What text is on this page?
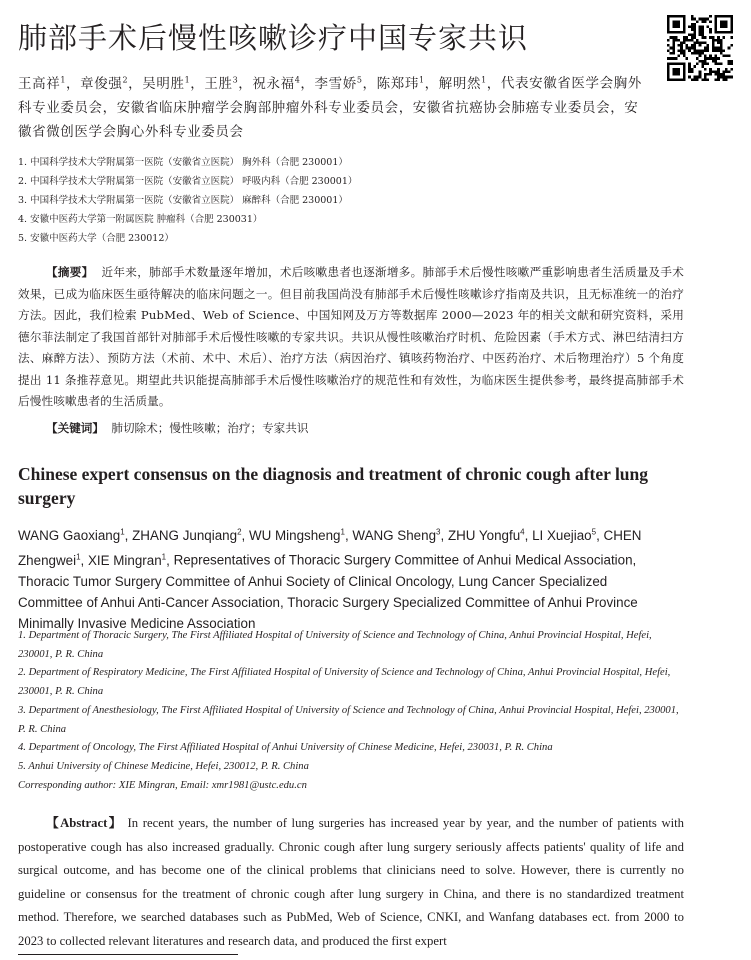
肺部手术后慢性咳嗽诊疗中国专家共识
王高祥$^1$，章俊强$^2$，吴明胜$^1$，王胜$^3$，祝永福$^4$，李雪娇$^5$，陈郑玮$^1$，解明然$^1$，代表安徽省医学会胸外科专业委员会，安徽省临床肿瘤学会胸部肿瘤外科专业委员会，安徽省抗癌协会肺癌专业委员会，安徽省微创医学会胸心外科专业委员会
1. 中国科学技术大学附属第一医院（安徽省立医院） 胸外科（合肥 230001）
2. 中国科学技术大学附属第一医院（安徽省立医院） 呼吸内科（合肥 230001）
3. 中国科学技术大学附属第一医院（安徽省立医院） 麻醉科（合肥 230001）
4. 安徽中医药大学第一附属医院 肿瘤科（合肥 230031）
5. 安徽中医药大学（合肥 230012）
【摘要】 近年来，肺部手术数量逐年增加，术后咳嗽患者也逐渐增多。肺部手术后慢性咳嗽严重影响患者生活质量及手术效果，已成为临床医生亟待解决的临床问题之一。但目前我国尚没有肺部手术后慢性咳嗽诊疗指南及共识，且无标准统一的治疗方法。因此，我们检索 PubMed、Web of Science、中国知网及万方等数据库 2000—2023 年的相关文献和研究资料，采用德尔菲法制定了我国首部针对肺部手术后慢性咳嗽的专家共识。共识从慢性咳嗽治疗时机、危险因素（手术方式、淋巴结清扫方法、麻醉方法）、预防方法（术前、术中、术后）、治疗方法（病因治疗、镇咳药物治疗、中医药治疗、术后物理治疗）5 个角度提出 11 条推荐意见。期望此共识能提高肺部手术后慢性咳嗽治疗的规范性和有效性，为临床医生提供参考，最终提高肺部手术后慢性咳嗽患者的生活质量。
【关键词】 肺切除术；慢性咳嗽；治疗；专家共识
Chinese expert consensus on the diagnosis and treatment of chronic cough after lung surgery
WANG Gaoxiang$^1$, ZHANG Junqiang$^2$, WU Mingsheng$^1$, WANG Sheng$^3$, ZHU Yongfu$^4$, LI Xuejiao$^5$, CHEN Zhengwei$^1$, XIE Mingran$^1$, Representatives of Thoracic Surgery Committee of Anhui Medical Association, Thoracic Tumor Surgery Committee of Anhui Society of Clinical Oncology, Lung Cancer Specialized Committee of Anhui Anti-Cancer Association, Thoracic Surgery Specialized Committee of Anhui Province Minimally Invasive Medicine Association
1. Department of Thoracic Surgery, The First Affiliated Hospital of University of Science and Technology of China, Anhui Provincial Hospital, Hefei, 230001, P. R. China
2. Department of Respiratory Medicine, The First Affiliated Hospital of University of Science and Technology of China, Anhui Provincial Hospital, Hefei, 230001, P. R. China
3. Department of Anesthesiology, The First Affiliated Hospital of University of Science and Technology of China, Anhui Provincial Hospital, Hefei, 230001, P. R. China
4. Department of Oncology, The First Affiliated Hospital of Anhui University of Chinese Medicine, Hefei, 230031, P. R. China
5. Anhui University of Chinese Medicine, Hefei, 230012, P. R. China
Corresponding author: XIE Mingran, Email: xmr1981@ustc.edu.cn
【Abstract】 In recent years, the number of lung surgeries has increased year by year, and the number of patients with postoperative cough has also increased gradually. Chronic cough after lung surgery seriously affects patients' quality of life and surgical outcome, and has become one of the clinical problems that clinicians need to solve. However, there is currently no guideline or consensus for the treatment of chronic cough after lung surgery in China, and there is no standardized treatment method. Therefore, we searched databases such as PubMed, Web of Science, CNKI, and Wanfang databases ect. from 2000 to 2023 to collected relevant literatures and research data, and produced the first expert
